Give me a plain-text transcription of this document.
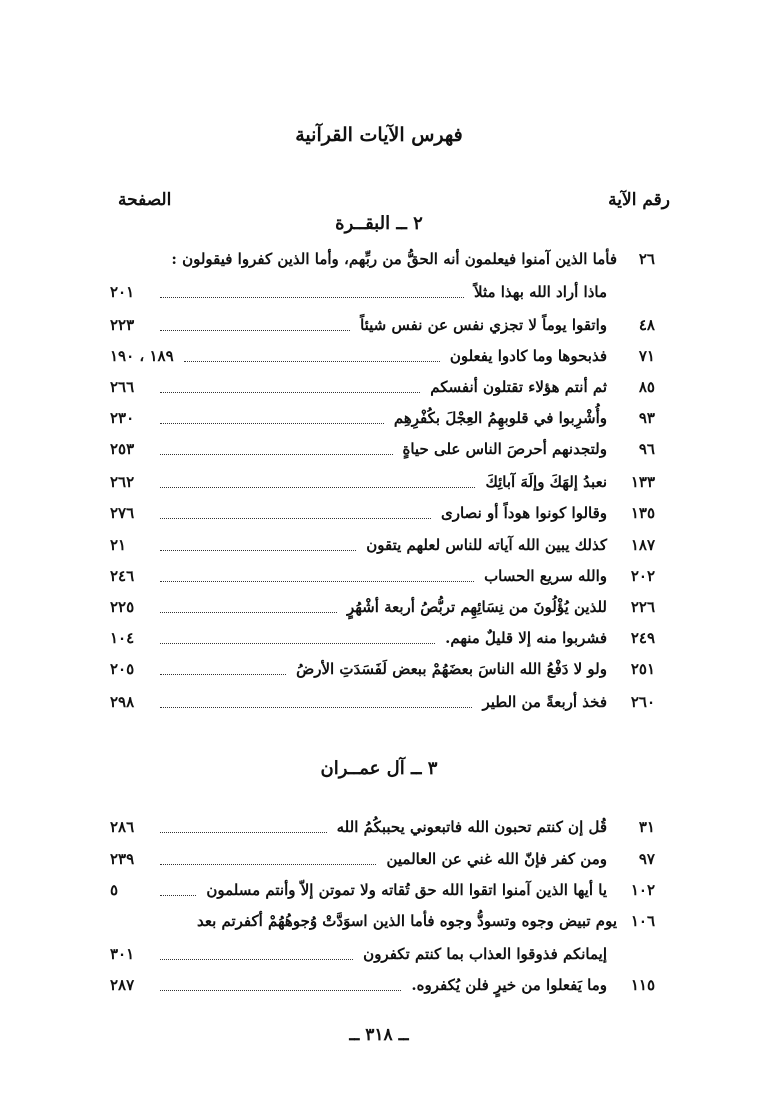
فهرس الآيات القرآنية
رقم الآية
الصفحة
٢ ــ البقــرة
٢٦
فأما الذين آمنوا فيعلمون أنه الحقُّ من ربِّهم، وأما الذين كفروا فيقولون :
ماذا أراد الله بهذا مثلاً
٢٠١
٤٨
واتقوا يوماً لا تجزي نفس عن نفس شيئاً
٢٢٣
٧١
فذبحوها وما كادوا يفعلون
١٨٩ ، ١٩٠
٨٥
ثم أنتم هؤلاء تقتلون أنفسكم
٢٦٦
٩٣
وأُشْرِبوا في قلوبهِمُ العِجْلَ بكُفْرِهِم
٢٣٠
٩٦
ولتجدنهم أحرصَ الناس على حياةٍ
٢٥٣
١٣٣
نعبدُ إلهَكَ وإلَهَ آبائِكَ
٢٦٢
١٣٥
وقالوا كونوا هوداً أو نصارى
٢٧٦
١٨٧
كذلك يبين الله آياته للناس لعلهم يتقون
٢١
٢٠٢
والله سريع الحساب
٢٤٦
٢٢٦
للذين يُؤْلُونَ من نِسَائِهِم تربُّصُ أربعة أشْهُرٍ
٢٢٥
٢٤٩
فشربوا منه إلا قليلٌ منهم.
١٠٤
٢٥١
ولو لا دَفْعُ الله الناسَ بعضَهُمْ ببعض لَفَسَدَتِ الأرضُ
٢٠٥
٢٦٠
فخذ أربعةً من الطير
٢٩٨
٣ ــ آل عمــران
٣١
قُل إن كنتم تحبون الله فاتبعوني يحببكُمُ الله
٢٨٦
٩٧
ومن كفر فإنّ الله غني عن العالمين
٢٣٩
١٠٢
يا أيها الذين آمنوا اتقوا الله حق تُقاته ولا تموتن إلاّ وأنتم مسلمون
٥
١٠٦
يوم تبيض وجوه وتسودُّ وجوه فأما الذين اسوَدَّتْ وُجوهُهُمْ أكفرتم بعد
إيمانكم فذوقوا العذاب بما كنتم تكفرون
٣٠١
١١٥
وما يَفعلوا من خيرٍ فلن يُكفروه.
٢٨٧
ــ ٣١٨ ــ
